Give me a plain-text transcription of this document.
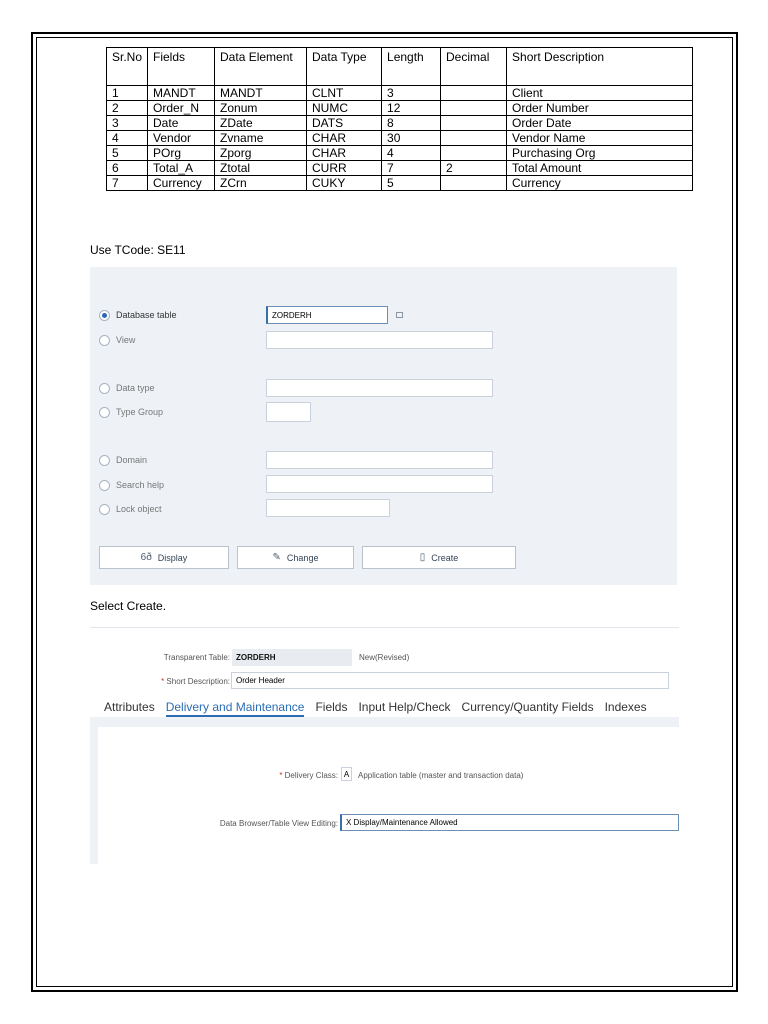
Sr.No	Fields	Data Element	Data Type	Length	Decimal	Short Description
1	MANDT	MANDT	CLNT	3		Client
2	Order_N	Zonum	NUMC	12		Order Number
3	Date	ZDate	DATS	8		Order Date
4	Vendor	Zvname	CHAR	30		Vendor Name
5	POrg	Zporg	CHAR	4		Purchasing Org
6	Total_A	Ztotal	CURR	7	2	Total Amount
7	Currency	ZCrn	CUKY	5		Currency
Use TCode: SE11
Database table	ZORDERH
View
Data type
Type Group
Domain
Search help
Lock object
6ð Display	✎ Change	▯ Create
Select Create.
Transparent Table: ZORDERH	New(Revised)
* Short Description: Order Header
Attributes Delivery and Maintenance Fields Input Help/Check Currency/Quantity Fields Indexes
* Delivery Class: A	Application table (master and transaction data)
Data Browser/Table View Editing:	X Display/Maintenance Allowed
